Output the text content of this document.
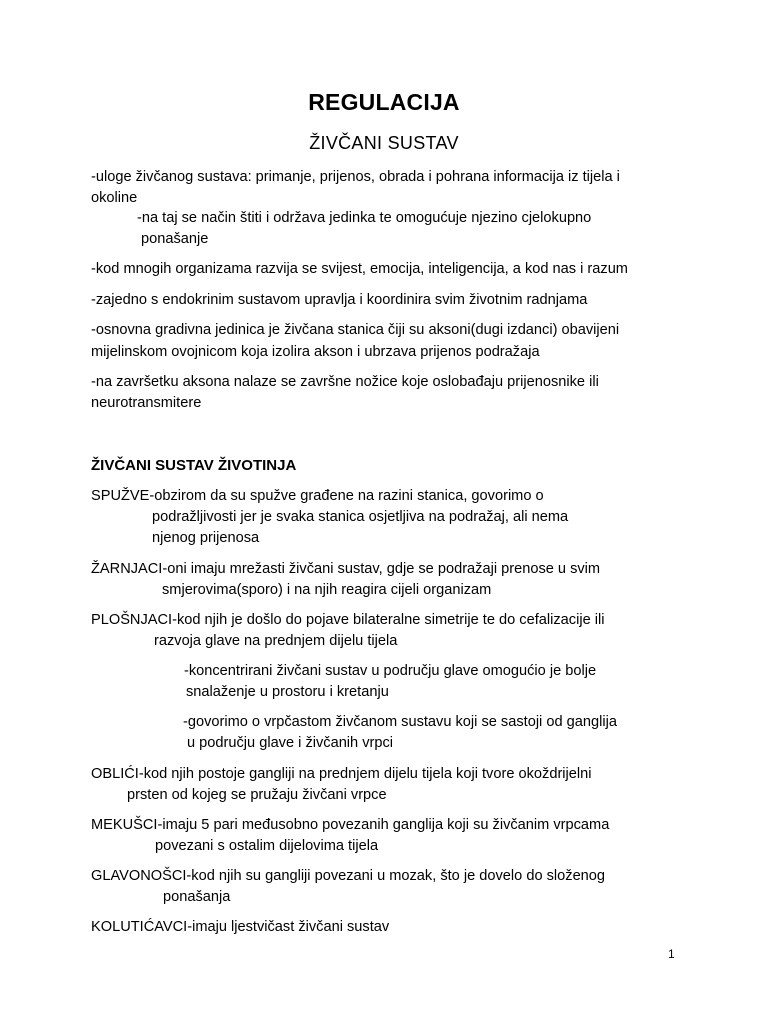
REGULACIJA
ŽIVČANI SUSTAV
-uloge živčanog sustava: primanje, prijenos, obrada i pohrana informacija iz tijela i
okoline
-na taj se način štiti i održava jedinka te omogućuje njezino cjelokupno
ponašanje
-kod mnogih organizama razvija se svijest, emocija, inteligencija, a kod nas i razum
-zajedno s endokrinim sustavom upravlja i koordinira svim životnim radnjama
-osnovna gradivna jedinica je živčana stanica čiji su aksoni(dugi izdanci) obavijeni
mijelinskom ovojnicom koja izolira akson i ubrzava prijenos podražaja
-na završetku aksona nalaze se završne nožice koje oslobađaju prijenosnike ili
neurotransmitere
ŽIVČANI SUSTAV ŽIVOTINJA
SPUŽVE-obzirom da su spužve građene na razini stanica, govorimo o
podražljivosti jer je svaka stanica osjetljiva na podražaj, ali nema
njenog prijenosa
ŽARNJACI-oni imaju mrežasti živčani sustav, gdje se podražaji prenose u svim
smjerovima(sporo) i na njih reagira cijeli organizam
PLOŠNJACI-kod njih je došlo do pojave bilateralne simetrije te do cefalizacije ili
razvoja glave na prednjem dijelu tijela
-koncentrirani živčani sustav u području glave omogućio je bolje
snalaženje u prostoru i kretanju
-govorimo o vrpčastom živčanom sustavu koji se sastoji od ganglija
u području glave i živčanih vrpci
OBLIĆI-kod njih postoje gangliji na prednjem dijelu tijela koji tvore okoždrijelni
prsten od kojeg se pružaju živčani vrpce
MEKUŠCI-imaju 5 pari međusobno povezanih ganglija koji su živčanim vrpcama
povezani s ostalim dijelovima tijela
GLAVONOŠCI-kod njih su gangliji povezani u mozak, što je dovelo do složenog
ponašanja
KOLUTIĆAVCI-imaju ljestvičast živčani sustav
1
